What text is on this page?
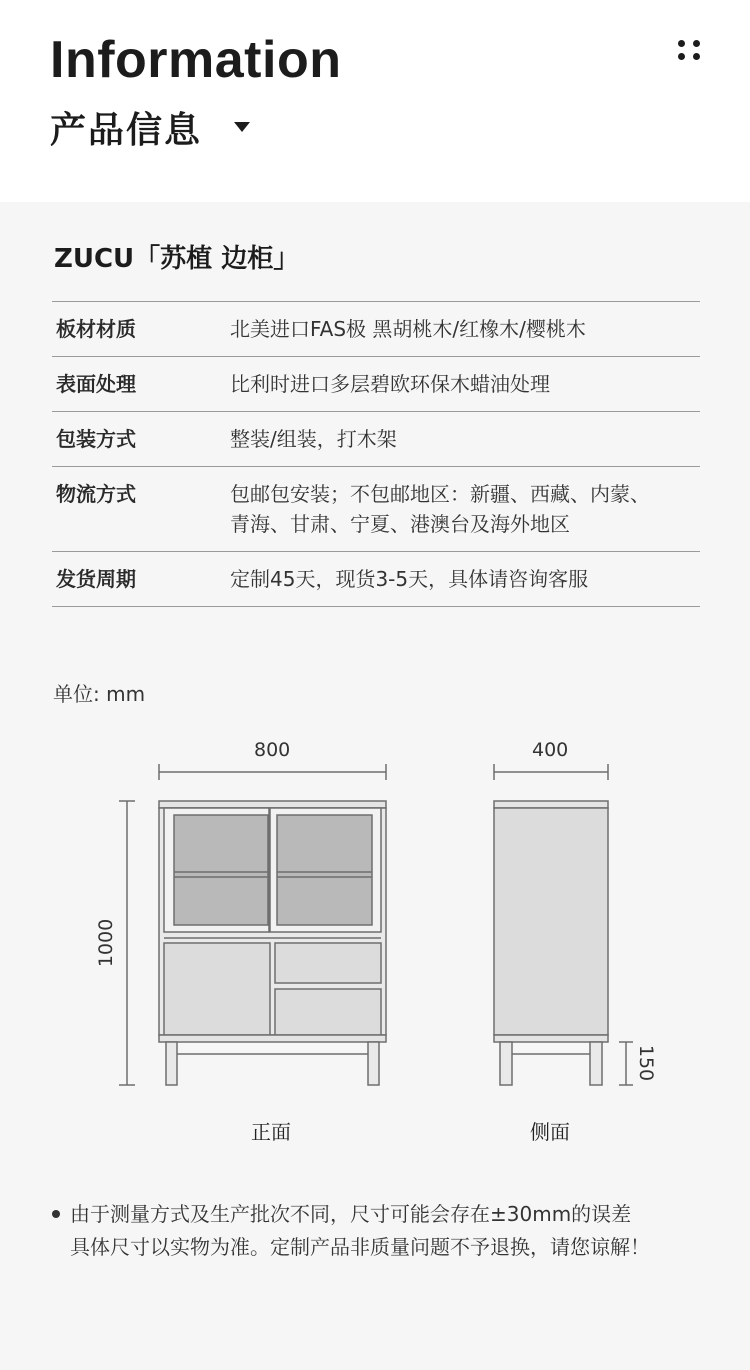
Information
产品信息
ZUCU「苏植 边柜」
板材材质	北美进口FAS极 黑胡桃木/红橡木/樱桃木
表面处理	比利时进口多层碧欧环保木蜡油处理
包装方式	整装/组装，打木架
物流方式	包邮包安装；不包邮地区：新疆、西藏、内蒙、
青海、甘肃、宁夏、港澳台及海外地区
发货周期	定制45天，现货3-5天，具体请咨询客服
单位: mm
800	400
1000
150
正面	侧面
由于测量方式及生产批次不同，尺寸可能会存在±30mm的误差
具体尺寸以实物为准。定制产品非质量问题不予退换，请您谅解！
